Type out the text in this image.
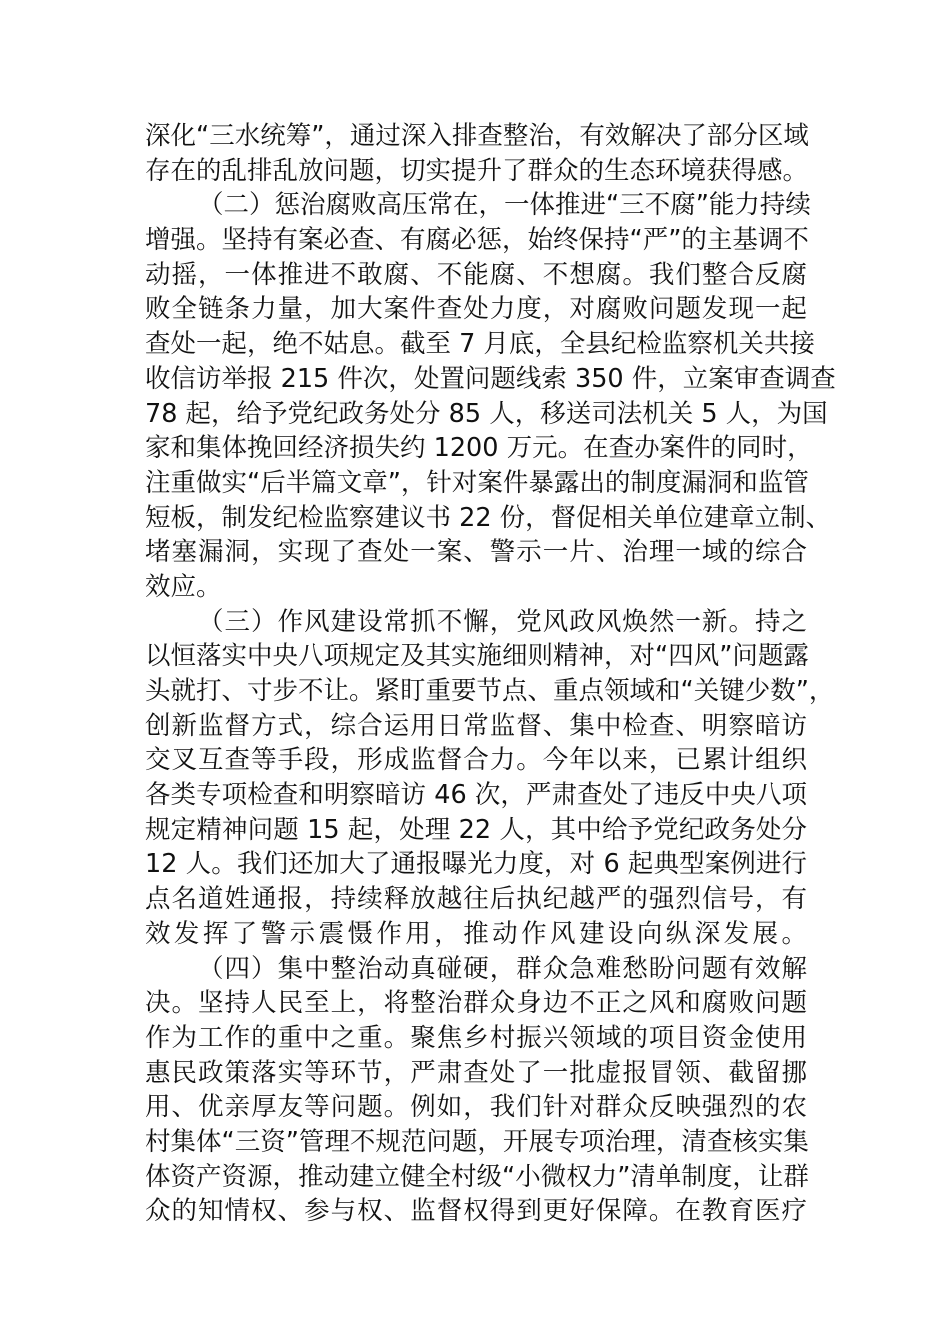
深化“三水统筹”，通过深入排查整治，有效解决了部分区域
存在的乱排乱放问题，切实提升了群众的生态环境获得感。
（二）惩治腐败高压常在，一体推进“三不腐”能力持续
增强。坚持有案必查、有腐必惩，始终保持“严”的主基调不
动摇，一体推进不敢腐、不能腐、不想腐。我们整合反腐
败全链条力量，加大案件查处力度，对腐败问题发现一起
查处一起，绝不姑息。截至 7 月底，全县纪检监察机关共接
收信访举报 215 件次，处置问题线索 350 件，立案审查调查
78 起，给予党纪政务处分 85 人，移送司法机关 5 人，为国
家和集体挽回经济损失约 1200 万元。在查办案件的同时，
注重做实“后半篇文章”，针对案件暴露出的制度漏洞和监管
短板，制发纪检监察建议书 22 份，督促相关单位建章立制、
堵塞漏洞，实现了查处一案、警示一片、治理一域的综合
效应。
（三）作风建设常抓不懈，党风政风焕然一新。持之
以恒落实中央八项规定及其实施细则精神，对“四风”问题露
头就打、寸步不让。紧盯重要节点、重点领域和“关键少数”，
创新监督方式，综合运用日常监督、集中检查、明察暗访
交叉互查等手段，形成监督合力。今年以来，已累计组织
各类专项检查和明察暗访 46 次，严肃查处了违反中央八项
规定精神问题 15 起，处理 22 人，其中给予党纪政务处分
12 人。我们还加大了通报曝光力度，对 6 起典型案例进行
点名道姓通报，持续释放越往后执纪越严的强烈信号，有
效发挥了警示震慑作用，推动作风建设向纵深发展。
（四）集中整治动真碰硬，群众急难愁盼问题有效解
决。坚持人民至上，将整治群众身边不正之风和腐败问题
作为工作的重中之重。聚焦乡村振兴领域的项目资金使用
惠民政策落实等环节，严肃查处了一批虚报冒领、截留挪
用、优亲厚友等问题。例如，我们针对群众反映强烈的农
村集体“三资”管理不规范问题，开展专项治理，清查核实集
体资产资源，推动建立健全村级“小微权力”清单制度，让群
众的知情权、参与权、监督权得到更好保障。在教育医疗
